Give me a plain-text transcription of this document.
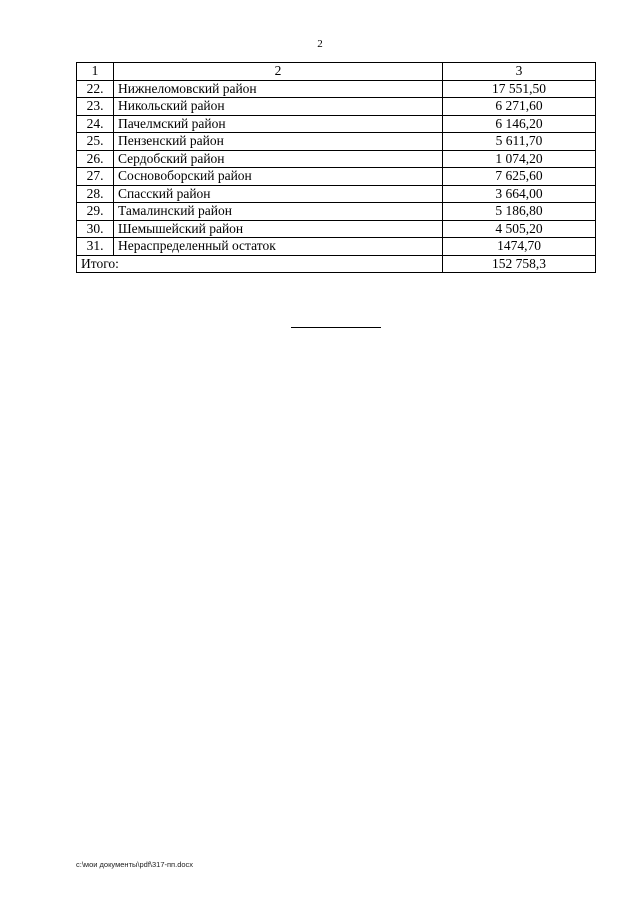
2
1	2	3
22.	Нижнеломовский район	17 551,50
23.	Никольский район	6 271,60
24.	Пачелмский район	6 146,20
25.	Пензенский район	5 611,70
26.	Сердобский район	1 074,20
27.	Сосновоборский район	7 625,60
28.	Спасский район	3 664,00
29.	Тамалинский район	5 186,80
30.	Шемышейский район	4 505,20
31.	Нераспределенный остаток	1474,70
Итого:		152 758,3
c:\мои документы\pdf\317-пп.docx
